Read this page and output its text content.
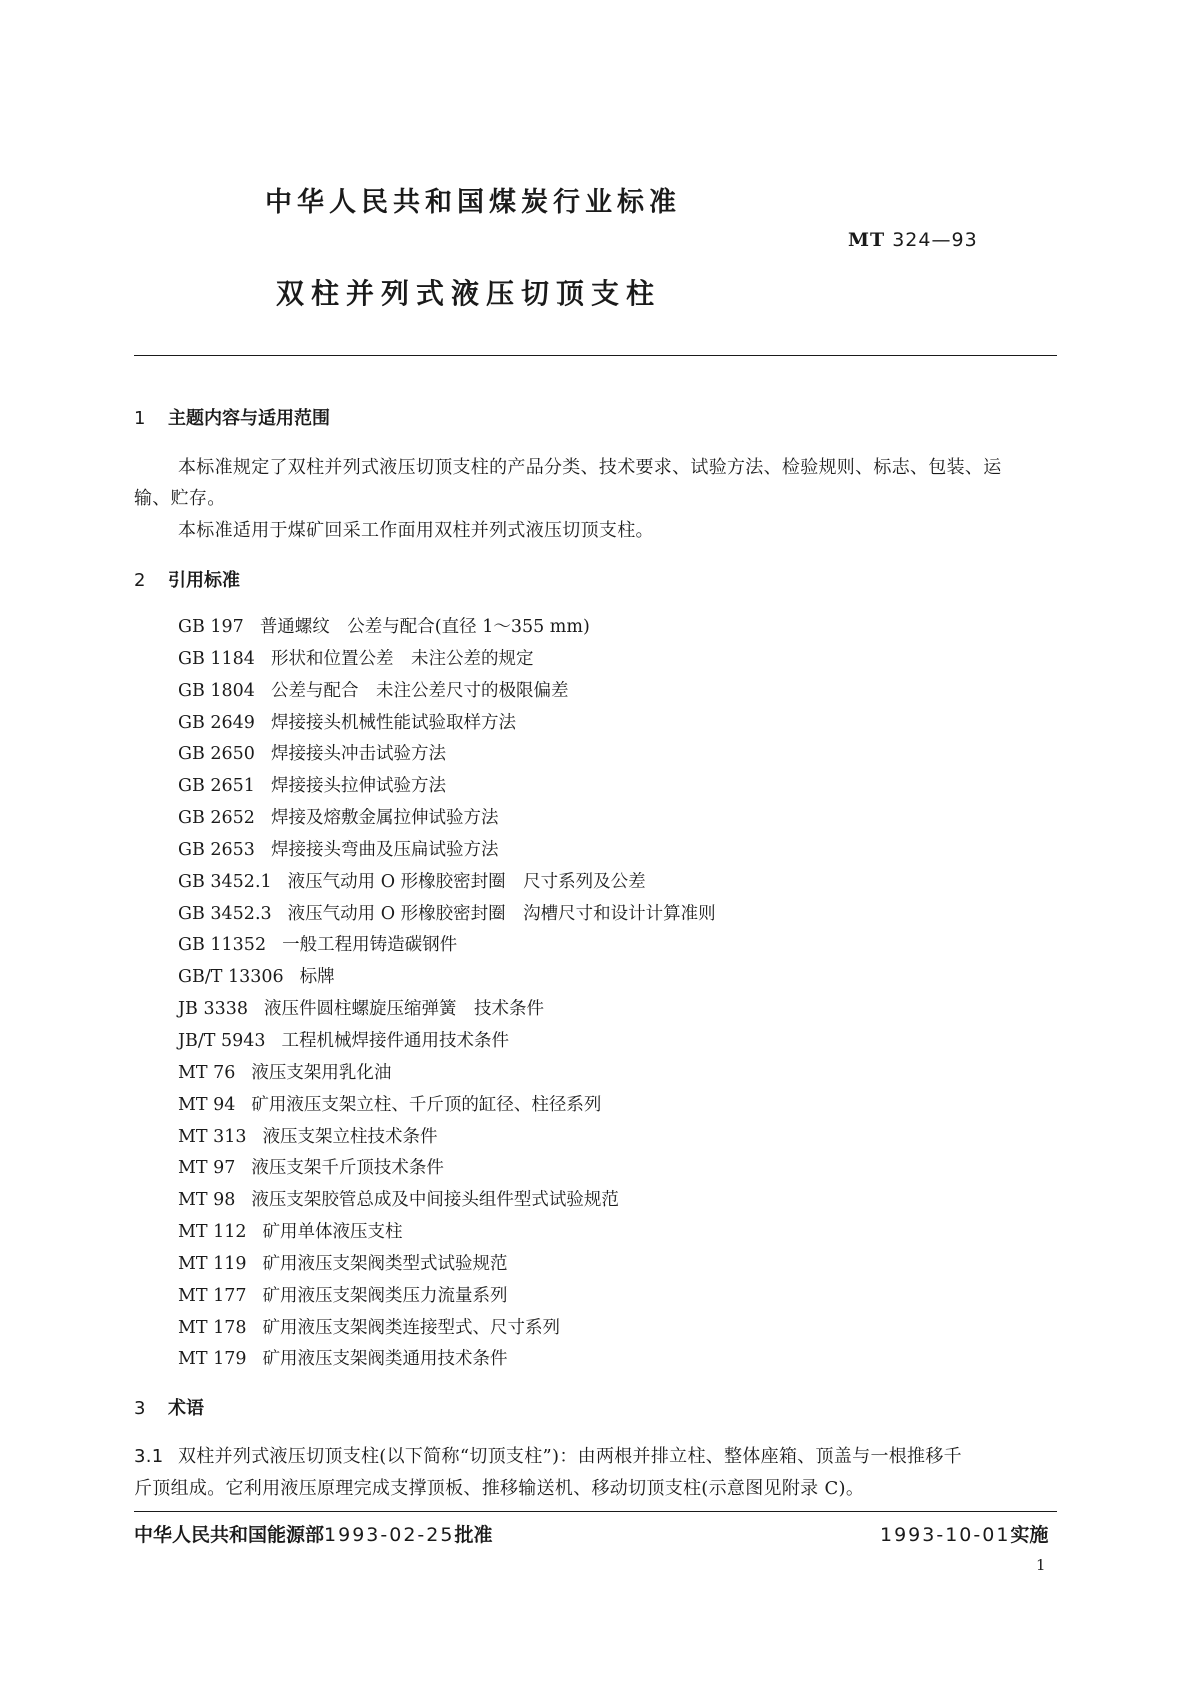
中华人民共和国煤炭行业标准
MT 324—93
双柱并列式液压切顶支柱
1 主题内容与适用范围
本标准规定了双柱并列式液压切顶支柱的产品分类、技术要求、试验方法、检验规则、标志、包装、运
输、贮存。
本标准适用于煤矿回采工作面用双柱并列式液压切顶支柱。
2 引用标准
GB 197 普通螺纹　公差与配合(直径 1～355 mm)
GB 1184 形状和位置公差　未注公差的规定
GB 1804 公差与配合　未注公差尺寸的极限偏差
GB 2649 焊接接头机械性能试验取样方法
GB 2650 焊接接头冲击试验方法
GB 2651 焊接接头拉伸试验方法
GB 2652 焊接及熔敷金属拉伸试验方法
GB 2653 焊接接头弯曲及压扁试验方法
GB 3452.1 液压气动用 O 形橡胶密封圈　尺寸系列及公差
GB 3452.3 液压气动用 O 形橡胶密封圈　沟槽尺寸和设计计算准则
GB 11352 一般工程用铸造碳钢件
GB/T 13306 标牌
JB 3338 液压件圆柱螺旋压缩弹簧　技术条件
JB/T 5943 工程机械焊接件通用技术条件
MT 76 液压支架用乳化油
MT 94 矿用液压支架立柱、千斤顶的缸径、柱径系列
MT 313 液压支架立柱技术条件
MT 97 液压支架千斤顶技术条件
MT 98 液压支架胶管总成及中间接头组件型式试验规范
MT 112 矿用单体液压支柱
MT 119 矿用液压支架阀类型式试验规范
MT 177 矿用液压支架阀类压力流量系列
MT 178 矿用液压支架阀类连接型式、尺寸系列
MT 179 矿用液压支架阀类通用技术条件
3 术语
3.1 双柱并列式液压切顶支柱(以下简称“切顶支柱”)：由两根并排立柱、整体座箱、顶盖与一根推移千
斤顶组成。它利用液压原理完成支撑顶板、推移输送机、移动切顶支柱(示意图见附录 C)。
中华人民共和国能源部1993-02-25批准	1993-10-01实施
1
